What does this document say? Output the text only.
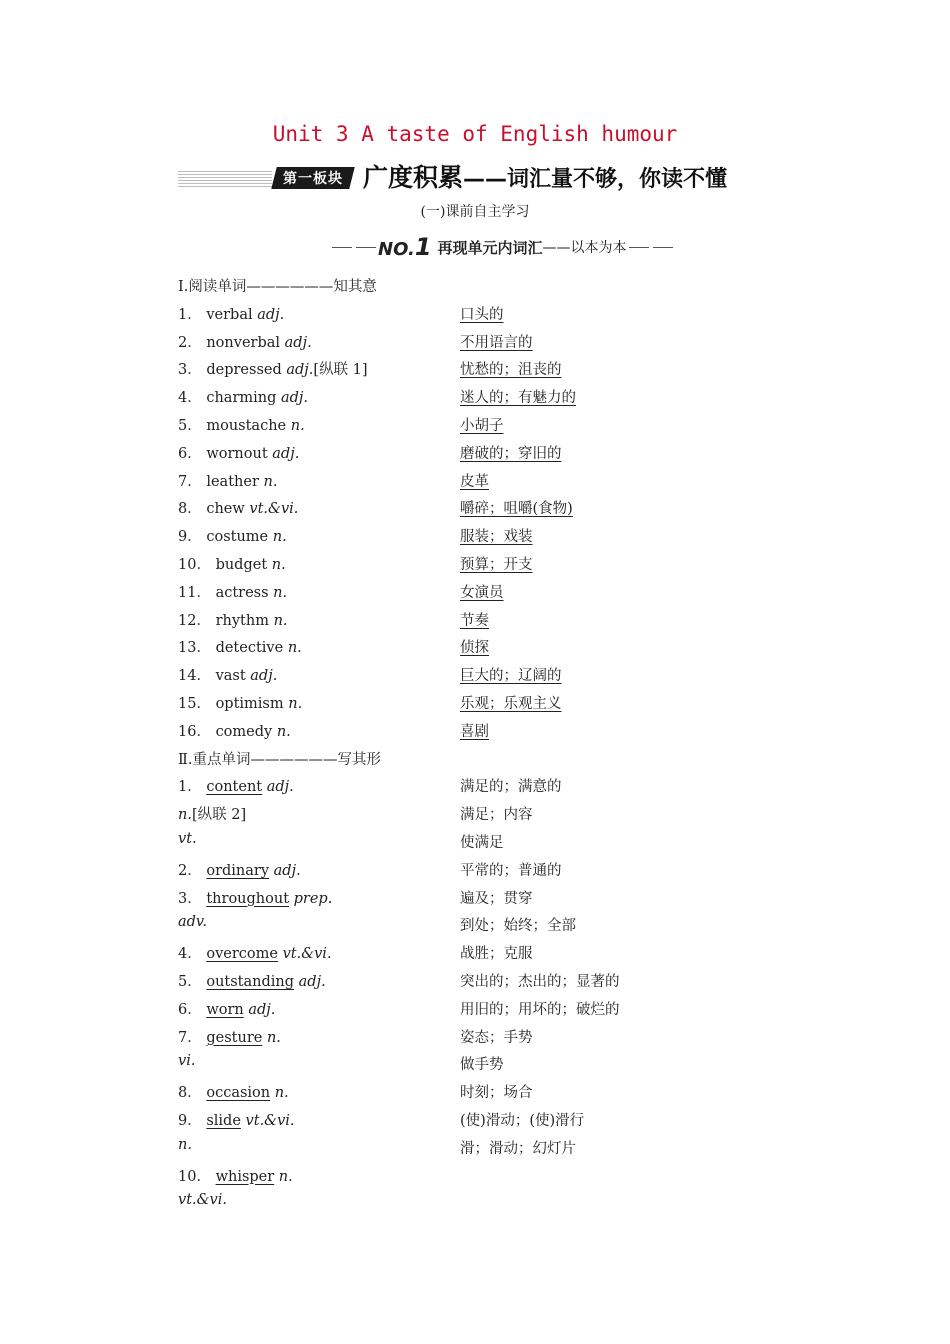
Unit 3 A taste of English humour
第一板块 广度积累——词汇量不够，你读不懂
(一)课前自主学习
NO.1 再现单元内词汇 ——以本为本
Ⅰ.阅读单词——————知其意
1． verbal adj.	口头的
2． nonverbal adj.	不用语言的
3． depressed adj.[纵联 1]	忧愁的；沮丧的
4． charming adj.	迷人的；有魅力的
5． moustache n.	小胡子
6． wornout adj.	磨破的；穿旧的
7． leather n.	皮革
8． chew vt.&vi.	嚼碎；咀嚼(食物)
9． costume n.	服装；戏装
10． budget n.	预算；开支
11． actress n.	女演员
12． rhythm n.	节奏
13． detective n.	侦探
14． vast adj.	巨大的；辽阔的
15． optimism n.	乐观；乐观主义
16． comedy n.	喜剧
Ⅱ.重点单词——————写其形
1． content adj.	满足的；满意的
n.[纵联 2]	满足；内容
vt.	使满足
2． ordinary adj.	平常的；普通的
3． throughout prep.	遍及；贯穿
adv.	到处；始终；全部
4． overcome vt.&vi.	战胜；克服
5． outstanding adj.	突出的；杰出的；显著的
6． worn adj.	用旧的；用坏的；破烂的
7． gesture n.	姿态；手势
vi.	做手势
8． occasion n.	时刻；场合
9． slide vt.&vi.	(使)滑动；(使)滑行
n.	滑；滑动；幻灯片
10． whisper n.
vt.&vi.
